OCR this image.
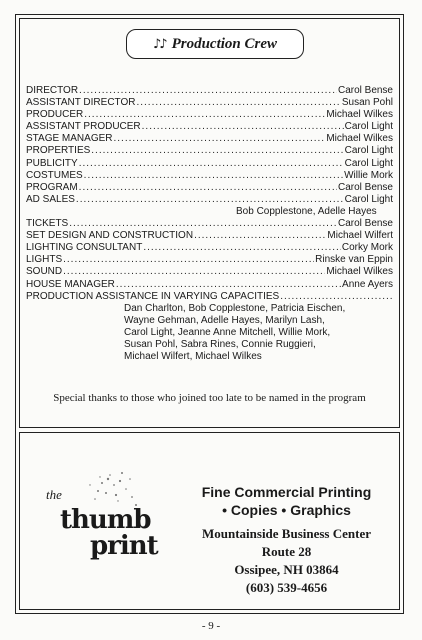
♪♪ Production Crew
DIRECTOR .....	Carol Bense
ASSISTANT DIRECTOR .....	Susan Pohl
PRODUCER .....	Michael Wilkes
ASSISTANT PRODUCER .....	Carol Light
STAGE MANAGER .....	Michael Wilkes
PROPERTIES .....	Carol Light
PUBLICITY .....	Carol Light
COSTUMES .....	Willie Mork
PROGRAM .....	Carol Bense
AD SALES .....	Carol Light
Bob Copplestone, Adelle Hayes
TICKETS .....	Carol Bense
SET DESIGN AND CONSTRUCTION .....	Michael Wilfert
LIGHTING CONSULTANT .....	Corky Mork
LIGHTS .....	Rinske van Eppin
SOUND .....	Michael Wilkes
HOUSE MANAGER .....	Anne Ayers
PRODUCTION ASSISTANCE IN VARYING CAPACITIES
.....
Dan Charlton, Bob Copplestone, Patricia Eischen,
Wayne Gehman, Adelle Hayes, Marilyn Lash,
Carol Light, Jeanne Anne Mitchell, Willie Mork,
Susan Pohl, Sabra Rines, Connie Ruggieri,
Michael Wilfert, Michael Wilkes
Special thanks to those who joined too late to be named in the program
the
thumb
print
Fine Commercial Printing
• Copies • Graphics
Mountainside Business Center
Route 28
Ossipee, NH 03864
(603) 539-4656
- 9 -
